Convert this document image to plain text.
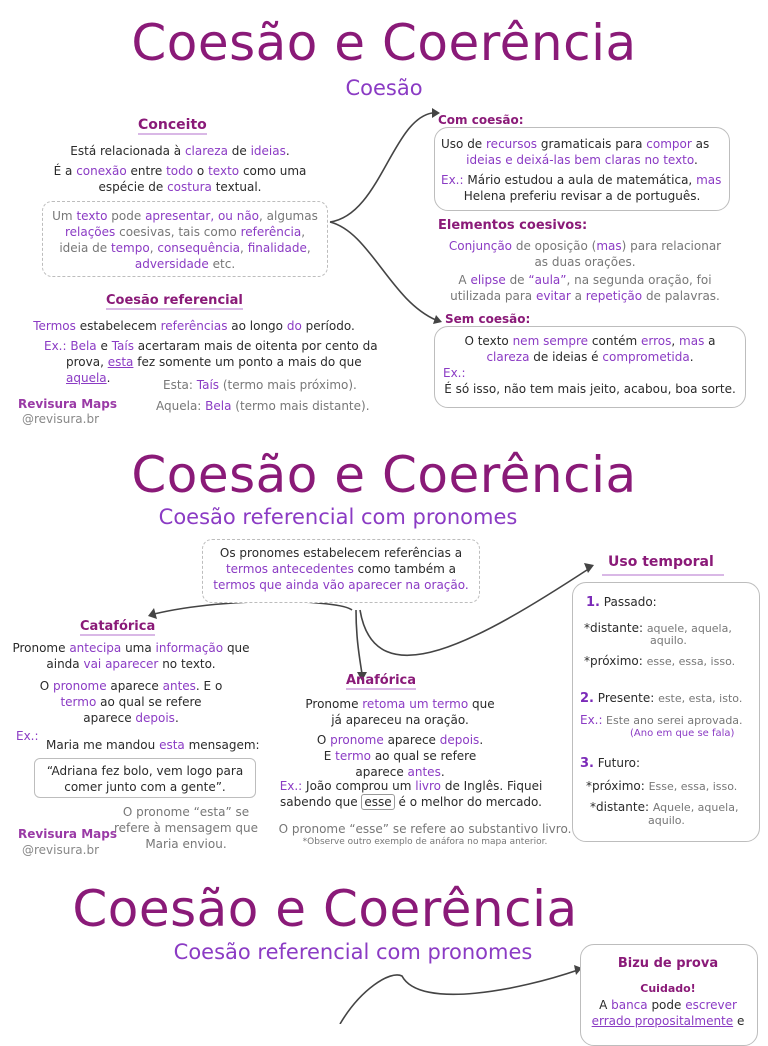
Coesão e Coerência
Coesão
Conceito
Está relacionada à clareza de ideias.
É a conexão entre todo o texto como uma
espécie de costura textual.
Um texto pode apresentar, ou não, algumas
relações coesivas, tais como referência,
ideia de tempo, consequência, finalidade,
adversidade etc.
Coesão referencial
Termos estabelecem referências ao longo do período.
Ex.: Bela e Taís acertaram mais de oitenta por cento da
prova, esta fez somente um ponto a mais do que aquela.	Esta: Taís (termo mais próximo).
Aquela: Bela (termo mais distante).
Revisura Maps
@revisura.br
Com coesão:
Uso de recursos gramaticais para compor as
ideias e deixá-las bem claras no texto.
Ex.: Mário estudou a aula de matemática, mas
Helena preferiu revisar a de português.
Elementos coesivos:
Conjunção de oposição (mas) para relacionar
as duas orações.
A elipse de “aula”, na segunda oração, foi
utilizada para evitar a repetição de palavras.
Sem coesão:
O texto nem sempre contém erros, mas a
clareza de ideias é comprometida.
Ex.:
É só isso, não tem mais jeito, acabou, boa sorte.
Coesão e Coerência
Coesão referencial com pronomes
Os pronomes estabelecem referências a
termos antecedentes como também a
termos que ainda vão aparecer na oração.
Catafórica
Pronome antecipa uma informação que
ainda vai aparecer no texto.
O pronome aparece antes. E o
termo ao qual se refere
aparece depois.
Ex.:
Maria me mandou esta mensagem:
“Adriana fez bolo, vem logo para
comer junto com a gente”.
O pronome “esta” se
refere à mensagem que
Maria enviou.
Revisura Maps
@revisura.br
Anafórica
Pronome retoma um termo que
já apareceu na oração.
O pronome aparece depois.
E termo ao qual se refere
aparece antes.
Ex.: João comprou um livro de Inglês. Fiquei
sabendo que esse é o melhor do mercado.
O pronome “esse” se refere ao substantivo livro.
*Observe outro exemplo de anáfora no mapa anterior.
Uso temporal
1. Passado:
*distante: aquele, aquela,
aquilo.
*próximo: esse, essa, isso.
2. Presente: este, esta, isto.
Ex.: Este ano serei aprovada.
(Ano em que se fala)
3. Futuro:
*próximo: Esse, essa, isso.
*distante: Aquele, aquela,
aquilo.
Coesão e Coerência
Coesão referencial com pronomes	Bizu de prova
Cuidado!
A banca pode escrever
errado propositalmente e
